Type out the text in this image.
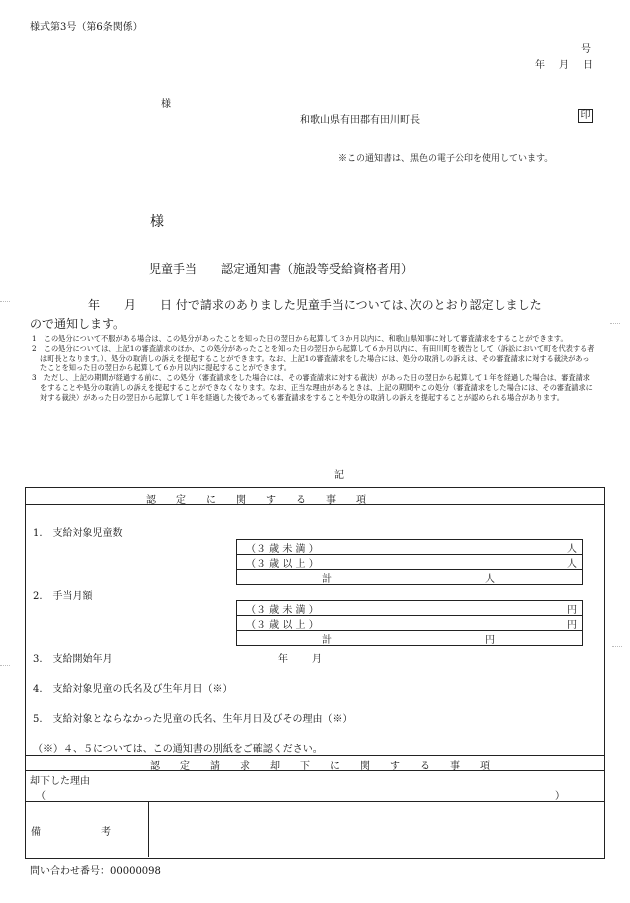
様式第3号（第6条関係）
号
年 月 日
様
和歌山県有田郡有田川町長	印
※この通知書は、黒色の電子公印を使用しています。
様
児童手当　　認定通知書（施設等受給資格者用）
年　　月　　日 付で請求のありました児童手当については､次のとおり認定しました
ので通知します。

1　この処分について不服がある場合は、この処分があったことを知った日の翌日から起算して３か月以内に、和歌山県知事に対して審査請求をすることができます。

2　この処分については、上記1の審査請求のほか、この処分があったことを知った日の翌日から起算して６か月以内に、有田川町を被告として（訴訟において町を代表する者は町長となります。）、処分の取消しの訴えを提起することができます。なお、上記1の審査請求をした場合には、処分の取消しの訴えは、その審査請求に対する裁決があったことを知った日の翌日から起算して６か月以内に提起することができます。

3　ただし、上記の期間が経過する前に、この処分（審査請求をした場合には、その審査請求に対する裁決）があった日の翌日から起算して１年を経過した場合は、審査請求をすることや処分の取消しの訴えを提起することができなくなります。なお、正当な理由があるときは、上記の期間やこの処分（審査請求をした場合には、その審査請求に対する裁決）があった日の翌日から起算して１年を経過した後であっても審査請求をすることや処分の取消しの訴えを提起することが認められる場合があります。

記
認　　定　　に　　関　　す　　る　　事　　項
1.　支給対象児童数
（３ 歳 未 満 ）	人
（３ 歳 以 上 ）	人
計	人
2.　手当月額
（３ 歳 未 満 ）	円
（３ 歳 以 上 ）	円
計	円
3.　支給開始年月	年 月
4.　支給対象児童の氏名及び生年月日（※）
5.　支給対象とならなかった児童の氏名、生年月日及びその理由（※）
（※）４、５については、この通知書の別紙をご確認ください。
認　　定　　請　　求　　却　　下　　に　　関　　す　　る　　事　　項
却下した理由
（	）
備　　　　　　考
問い合わせ番号：00000098
